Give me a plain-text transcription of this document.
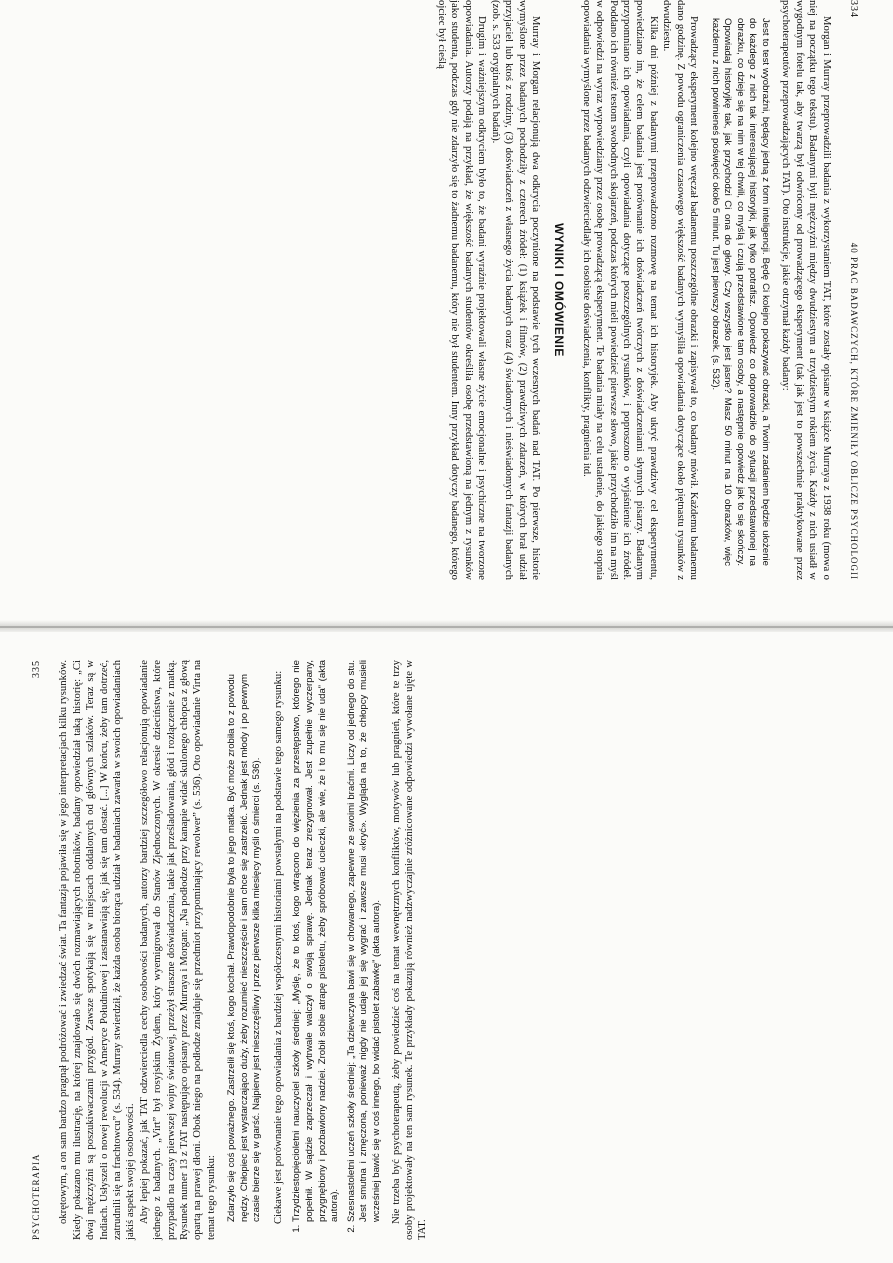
334
40 PRAC BADAWCZYCH, KTÓRE ZMIENIŁY OBLICZE PSYCHOLOGII

Morgan i Murray przeprowadzili badania z wykorzystaniem TAT, które zostały opisane w książce Murraya z 1938 roku (mowa o niej na początku tego tekstu). Badanymi byli mężczyźni między dwudziestym a trzydziestym rokiem życia. Każdy z nich usiadł w wygodnym fotelu tak, aby twarzą był odwrócony od prowadzącego eksperyment (tak jak jest to powszechnie praktykowane przez psychoterapeutów przeprowadzających TAT). Oto instrukcje, jakie otrzymał każdy badany:

Jest to test wyobraźni, będący jedną z form inteligencji. Będę Ci kolejno pokazywać obrazki, a Twoim zadaniem będzie ułożenie do każdego z nich tak interesującej historyjki, jak tylko potrafisz. Opowiedz co doprowadziło do sytuacji przedstawionej na obrazku, co dzieje się na nim w tej chwili, co myślą i czują przedstawione tam osoby, a następnie opowiedz jak to się skończy. Opowiadaj historyjkę tak, jak przychodzi Ci ona do głowy. Czy wszystko jest jasne? Masz 50 minut na 10 obrazków, więc każdemu z nich powinieneś poświęcić około 5 minut. Tu jest pierwszy obrazek. (s. 532).

Prowadzący eksperyment kolejno wręczał badanemu poszczególne obrazki i zapisywał to, co badany mówił. Każdemu badanemu dano godzinę. Z powodu ograniczenia czasowego większość badanych wymyśliła opowiadania dotyczące około piętnastu rysunków z dwudziestu.

Kilka dni później z badanymi przeprowadzono rozmowę na temat ich historyjek. Aby ukryć prawdziwy cel eksperymentu, powiedziano im, że celem badania jest porównanie ich doświadczeń twórczych z doświadczeniami słynnych pisarzy. Badanym przypomniano ich opowiadania, czyli opowiadania dotyczące poszczególnych rysunków, i poproszono o wyjaśnienie ich źródeł. Poddano ich również testom swobodnych skojarzeń, podczas których mieli powiedzieć pierwsze słowo, jakie przychodziło im na myśl w odpowiedzi na wyraz wypowiedziany przez osobę prowadzącą eksperyment. Te badania miały na celu ustalenie, do jakiego stopnia opowiadania wymyślone przez badanych odzwierciedlały ich osobiste doświadczenia, konflikty, pragnienia itd.

WYNIKI I OMÓWIENIE

Murray i Morgan relacjonują dwa odkrycia poczynione na podstawie tych wczesnych badań nad TAT. Po pierwsze, historie wymyślone przez badanych pochodziły z czterech źródeł: (1) książek i filmów, (2) prawdziwych zdarzeń, w których brał udział przyjaciel lub ktoś z rodziny, (3) doświadczeń z własnego życia badanych oraz (4) świadomych i nieświadomych fantazji badanych (zob. s. 533 oryginalnych badań).

Drugim i ważniejszym odkryciem było to, że badani wyraźnie projektowali własne życie emocjonalne i psychiczne na tworzone opowiadania. Autorzy podają na przykład, że większość badanych studentów określiła osobę przedstawioną na jednym z rysunków jako studenta, podczas gdy nie zdarzyło się to żadnemu badanemu, który nie był studentem. Inny przykład dotyczy badanego, którego ojciec był cieślą

PSYCHOTERAPIA
335 okrętowym, a on sam bardzo pragnął podróżować i zwiedzać świat. Ta fantazja pojawiła się w jego interpretacjach kilku rysunków. Kiedy pokazano mu ilustrację, na której znajdowało się dwóch rozmawiających robotników, badany opowiedział taką historię: „Ci dwaj mężczyźni są poszukiwaczami przygód. Zawsze spotykają się w miejscach oddalonych od głównych szlaków. Teraz są w Indiach. Usłyszeli o nowej rewolucji w Ameryce Południowej i zastanawiają się, jak się tam dostać. [...] W końcu, żeby tam dotrzeć, zatrudnili się na frachtowcu” (s. 534). Murray stwierdził, że każda osoba biorąca udział w badaniach zawarła w swoich opowiadaniach jakiś aspekt swojej osobowości. Aby lepiej pokazać, jak TAT odzwierciedla cechy osobowości badanych, autorzy bardziej szczegółowo relacjonują opowiadanie jednego z badanych. „Virt” był rosyjskim Żydem, który wyemigrował do Stanów Zjednoczonych. W okresie dzieciństwa, które przypadło na czasy pierwszej wojny światowej, przeżył straszne doświadczenia, takie jak prześladowania, głód i rozłączenie z matką. Rysunek numer 13 z TAT następująco opisany przez Murraya i Morgan: „Na podłodze przy kanapie widać skulonego chłopca z głową opartą na prawej dłoni. Obok niego na podłodze znajduje się przedmiot przypominający rewolwer” (s. 536). Oto opowiadanie Virta na temat tego rysunku: Zdarzyło się coś poważnego. Zastrzelił się ktoś, kogo kochał. Prawdopodobnie była to jego matka. Być może zrobiła to z powodu nędzy. Chłopiec jest wystarczająco duży, żeby rozumieć nieszczęście i sam chce się zastrzelić. Jednak jest młody i po pewnym czasie bierze się w garść. Najpierw jest nieszczęśliwy i przez pierwsze kilka miesięcy myśli o śmierci (s. 536). Ciekawe jest porównanie tego opowiadania z bardziej współczesnymi historiami powstałymi na podstawie tego samego rysunku: 1. Trzydziestopięcioletni nauczyciel szkoły średniej: „Myślę, że to ktoś, kogo wtrącono do więzienia za przestępstwo, którego nie popełnił. W sądzie zaprzeczał i wytrwale walczył o swoją sprawę. Jednak teraz zrezygnował. Jest zupełnie wyczerpany, przygnębiony i pozbawiony nadziei. Zrobił sobie atrapę pistoletu, żeby spróbować ucieczki, ale wie, że i to mu się nie uda” (akta autora). 2. Szesnastoletni uczeń szkoły średniej: „Ta dziewczyna bawi się w chowanego, zapewne ze swoimi braćmi. Liczy od jednego do stu. Jest smutna i zmęczona, ponieważ nigdy nie udaje jej się wygrać i zawsze musi «kryć». Wygląda na to, że chłopcy musieli wcześniej bawić się w coś innego, bo widać pistolet zabawkę” (akta autora). Nie trzeba być psychoterapeutą, żeby powiedzieć coś na temat wewnętrznych konfliktów, motywów lub pragnień, które te trzy osoby projektowały na ten sam rysunek. Te przykłady pokazują również nadzwyczajnie zróżnicowane odpowiedzi wywołane ujęte w TAT.
